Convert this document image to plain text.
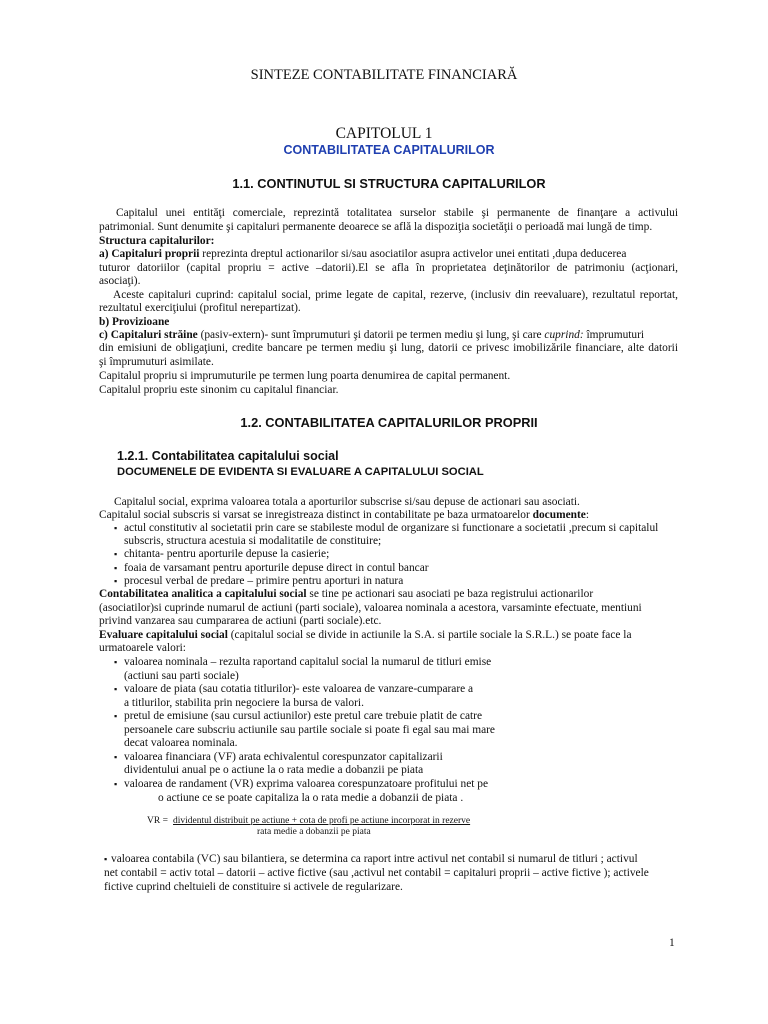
SINTEZE CONTABILITATE FINANCIARĂ
CAPITOLUL 1
CONTABILITATEA CAPITALURILOR
1.1. CONTINUTUL SI STRUCTURA CAPITALURILOR
Capitalul unei entităţi comerciale, reprezintă totalitatea surselor stabile şi permanente de finanţare a activului
patrimonial. Sunt denumite şi capitaluri permanente deoarece se află la dispoziţia societăţii o perioadă mai lungă de timp.
Structura capitalurilor:
a) Capitaluri proprii reprezinta dreptul actionarilor si/sau asociatilor asupra activelor unei entitati ,dupa deducerea
tuturor datoriilor (capital propriu = active –datorii).El se afla în proprietatea deţinătorilor de patrimoniu (acţionari,
asociaţi).
Aceste capitaluri cuprind: capitalul social, prime legate de capital, rezerve, (inclusiv din reevaluare), rezultatul reportat,
rezultatul exerciţiului (profitul nerepartizat).
b) Provizioane
c) Capitaluri străine (pasiv-extern)- sunt împrumuturi şi datorii pe termen mediu şi lung, şi care cuprind: împrumuturi
din emisiuni de obligaţiuni, credite bancare pe termen mediu şi lung, datorii ce privesc imobilizările financiare, alte datorii
şi împrumuturi asimilate.
Capitalul propriu si imprumuturile pe termen lung poarta denumirea de capital permanent.
Capitalul propriu este sinonim cu capitalul financiar.
1.2. CONTABILITATEA CAPITALURILOR PROPRII
1.2.1. Contabilitatea capitalului social
DOCUMENELE DE EVIDENTA SI EVALUARE A CAPITALULUI SOCIAL
Capitalul social, exprima valoarea totala a aporturilor subscrise si/sau depuse de actionari sau asociati.
Capitalul social subscris si varsat se inregistreaza distinct in contabilitate pe baza urmatoarelor documente:
▪ actul constitutiv al societatii prin care se stabileste modul de organizare si functionare a societatii ,precum si capitalul
subscris, structura acestuia si modalitatile de constituire;
▪ chitanta- pentru aporturile depuse la casierie;
▪ foaia de varsamant pentru aporturile depuse direct in contul bancar
▪ procesul verbal de predare – primire pentru aporturi in natura
Contabilitatea analitica a capitalului social se tine pe actionari sau asociati pe baza registrului actionarilor
(asociatilor)si cuprinde numarul de actiuni (parti sociale), valoarea nominala a acestora, varsaminte efectuate, mentiuni
privind vanzarea sau cumpararea de actiuni (parti sociale).etc.
Evaluare capitalului social (capitalul social se divide in actiunile la S.A. si partile sociale la S.R.L.) se poate face la
urmatoarele valori:
▪ valoarea nominala – rezulta raportand capitalul social la numarul de titluri emise
(actiuni sau parti sociale)
▪ valoare de piata (sau cotatia titlurilor)- este valoarea de vanzare-cumparare a
a titlurilor, stabilita prin negociere la bursa de valori.
▪ pretul de emisiune (sau cursul actiunilor) este pretul care trebuie platit de catre
persoanele care subscriu actiunile sau partile sociale si poate fi egal sau mai mare
decat valoarea nominala.
▪ valoarea financiara (VF) arata echivalentul corespunzator capitalizarii
dividentului anual pe o actiune la o rata medie a dobanzii pe piata
▪ valoarea de randament (VR) exprima valoarea corespunzatoare profitului net pe
o actiune ce se poate capitaliza la o rata medie a dobanzii de piata .
VR = dividentul distribuit pe actiune + cota de profi pe actiune incorporat in rezerve
rata medie a dobanzii pe piata
▪ valoarea contabila (VC) sau bilantiera, se determina ca raport intre activul net contabil si numarul de titluri ; activul
net contabil = activ total – datorii – active fictive (sau ,activul net contabil = capitaluri proprii – active fictive ); activele
fictive cuprind cheltuieli de constituire si activele de regularizare.
1
